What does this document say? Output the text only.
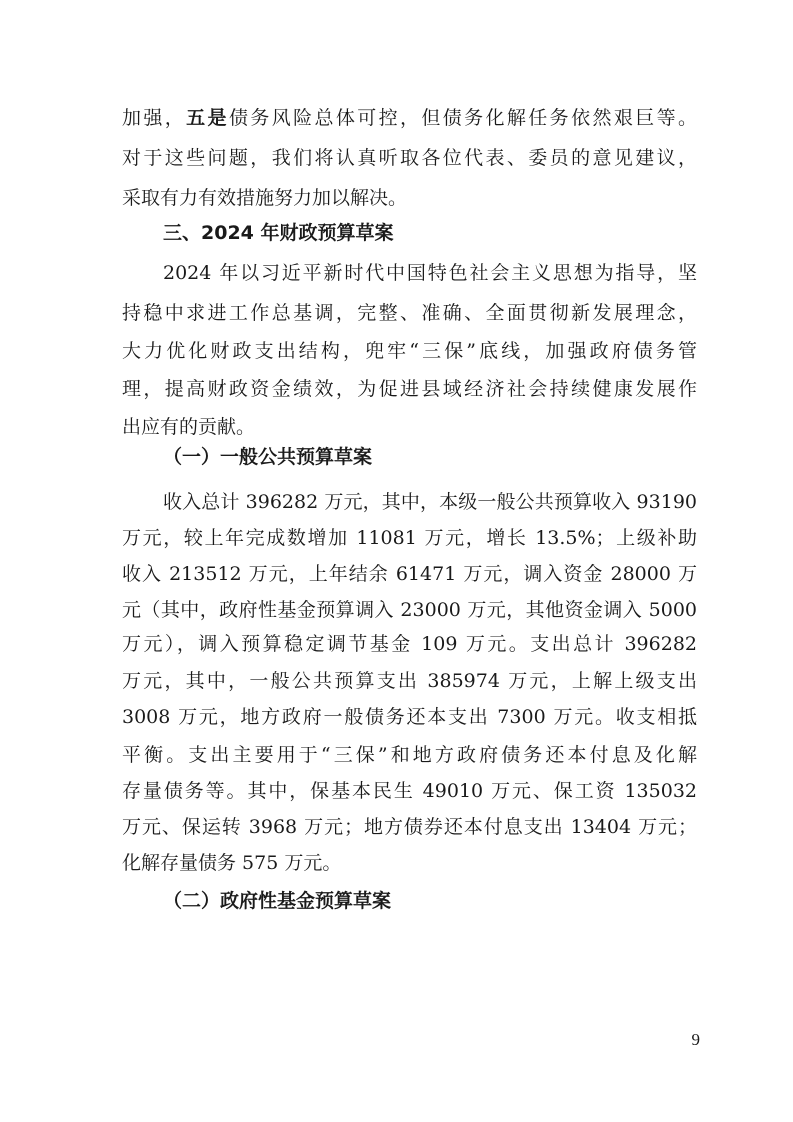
加强，五是债务风险总体可控，但债务化解任务依然艰巨等。
对于这些问题，我们将认真听取各位代表、委员的意见建议，
采取有力有效措施努力加以解决。
三、2024 年财政预算草案
2024 年以习近平新时代中国特色社会主义思想为指导，坚
持稳中求进工作总基调，完整、准确、全面贯彻新发展理念，
大力优化财政支出结构，兜牢“三保”底线，加强政府债务管
理，提高财政资金绩效，为促进县域经济社会持续健康发展作
出应有的贡献。
（一）一般公共预算草案
收入总计 396282 万元，其中，本级一般公共预算收入 93190
万元，较上年完成数增加 11081 万元，增长 13.5%；上级补助
收入 213512 万元，上年结余 61471 万元，调入资金 28000 万
元（其中，政府性基金预算调入 23000 万元，其他资金调入 5000
万元），调入预算稳定调节基金 109 万元。支出总计 396282
万元，其中，一般公共预算支出 385974 万元，上解上级支出
3008 万元，地方政府一般债务还本支出 7300 万元。收支相抵
平衡。支出主要用于“三保”和地方政府债务还本付息及化解
存量债务等。其中，保基本民生 49010 万元、保工资 135032
万元、保运转 3968 万元；地方债券还本付息支出 13404 万元；
化解存量债务 575 万元。
（二）政府性基金预算草案
9
